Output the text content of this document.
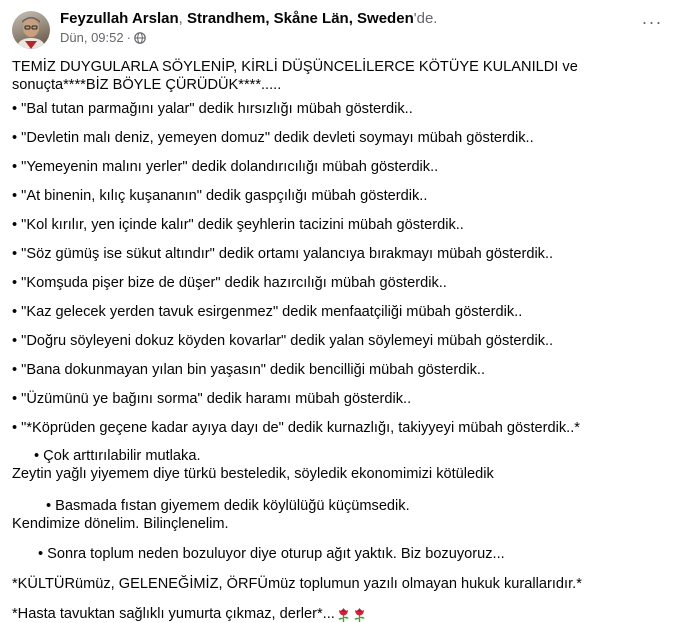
Feyzullah Arslan, Strandhem, Skåne Län, Sweden'de.
Dün, 09:52 ·
···
TEMİZ DUYGULARLA SÖYLENİP, KİRLİ DÜŞÜNCELİLERCE KÖTÜYE KULANILDI ve sonuçta****BİZ BÖYLE ÇÜRÜDÜK****.....
• "Bal tutan parmağını yalar" dedik hırsızlığı mübah gösterdik..
• "Devletin malı deniz, yemeyen domuz" dedik devleti soymayı mübah gösterdik..
• "Yemeyenin malını yerler" dedik dolandırıcılığı mübah gösterdik..
• "At binenin, kılıç kuşananın" dedik gaspçılığı mübah gösterdik..
• "Kol kırılır, yen içinde kalır" dedik şeyhlerin tacizini mübah gösterdik..
• "Söz gümüş ise sükut altındır" dedik ortamı yalancıya bırakmayı mübah gösterdik..
• "Komşuda pişer bize de düşer" dedik hazırcılığı mübah gösterdik..
• "Kaz gelecek yerden tavuk esirgenmez" dedik menfaatçiliği mübah gösterdik..
• "Doğru söyleyeni dokuz köyden kovarlar" dedik yalan söylemeyi mübah gösterdik..
• "Bana dokunmayan yılan bin yaşasın" dedik bencilliği mübah gösterdik..
• "Üzümünü ye bağını sorma" dedik haramı mübah gösterdik..
• "*Köprüden geçene kadar ayıya dayı de" dedik kurnazlığı, takiyyeyi mübah gösterdik..*
• Çok arttırılabilir mutlaka.
Zeytin yağlı yiyemem diye türkü besteledik, söyledik ekonomimizi kötüledik
• Basmada fıstan giyemem dedik köylülüğü küçümsedik.
Kendimize dönelim. Bilinçlenelim.
• Sonra toplum neden bozuluyor diye oturup ağıt yaktık. Biz bozuyoruz...
*KÜLTÜRümüz, GELENEĞİMİZ, ÖRFÜmüz toplumun yazılı olmayan hukuk kurallarıdır.*
*Hasta tavuktan sağlıklı yumurta çıkmaz, derler*...
